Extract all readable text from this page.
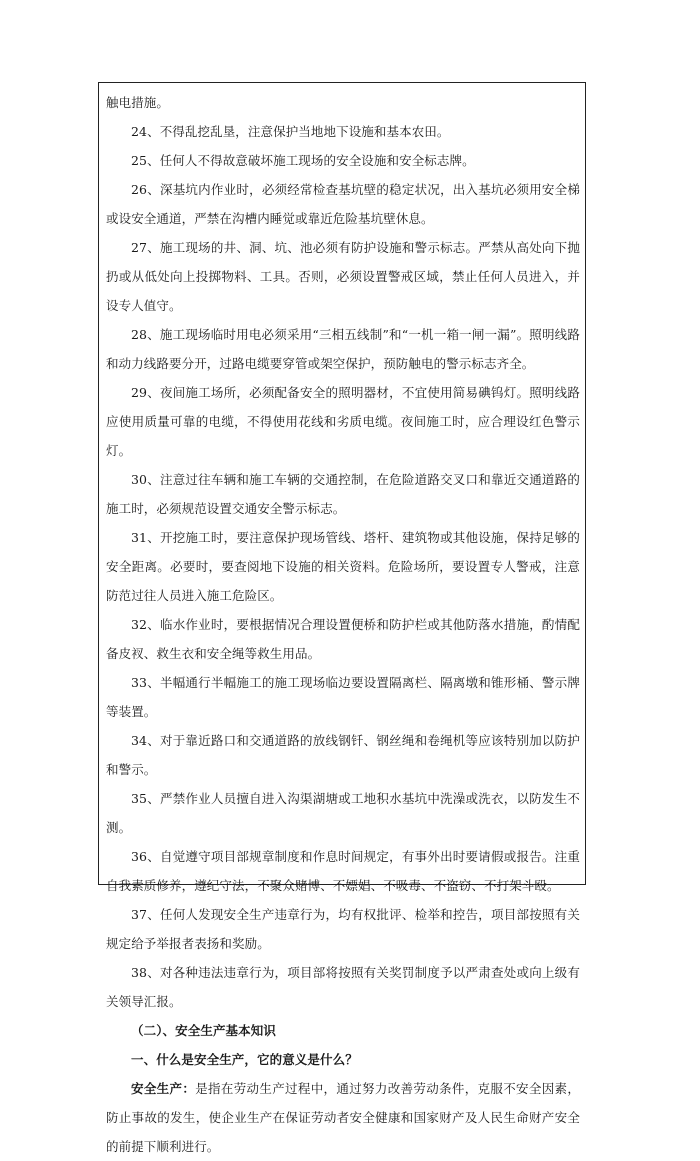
触电措施。

24、不得乱挖乱垦，注意保护当地地下设施和基本农田。

25、任何人不得故意破坏施工现场的安全设施和安全标志牌。

26、深基坑内作业时，必须经常检查基坑壁的稳定状况，出入基坑必须用安全梯或设安全通道，严禁在沟槽内睡觉或靠近危险基坑壁休息。

27、施工现场的井、洞、坑、池必须有防护设施和警示标志。严禁从高处向下抛扔或从低处向上投掷物料、工具。否则，必须设置警戒区域，禁止任何人员进入，并设专人值守。

28、施工现场临时用电必须采用“三相五线制”和“一机一箱一闸一漏”。照明线路和动力线路要分开，过路电缆要穿管或架空保护，预防触电的警示标志齐全。

29、夜间施工场所，必须配备安全的照明器材，不宜使用简易碘钨灯。照明线路应使用质量可靠的电缆，不得使用花线和劣质电缆。夜间施工时，应合理设红色警示灯。

30、注意过往车辆和施工车辆的交通控制，在危险道路交叉口和靠近交通道路的施工时，必须规范设置交通安全警示标志。

31、开挖施工时，要注意保护现场管线、塔杆、建筑物或其他设施，保持足够的安全距离。必要时，要查阅地下设施的相关资料。危险场所，要设置专人警戒，注意防范过往人员进入施工危险区。

32、临水作业时，要根据情况合理设置便桥和防护栏或其他防落水措施，酌情配备皮衩、救生衣和安全绳等救生用品。

33、半幅通行半幅施工的施工现场临边要设置隔离栏、隔离墩和锥形桶、警示牌等装置。

34、对于靠近路口和交通道路的放线钢钎、钢丝绳和卷绳机等应该特别加以防护和警示。

35、严禁作业人员擅自进入沟渠湖塘或工地积水基坑中洗澡或洗衣，以防发生不测。

36、自觉遵守项目部规章制度和作息时间规定，有事外出时要请假或报告。注重自我素质修养，遵纪守法，不聚众赌博、不嫖娼、不吸毒、不盗窃、不打架斗殴。

37、任何人发现安全生产违章行为，均有权批评、检举和控告，项目部按照有关规定给予举报者表扬和奖励。

38、对各种违法违章行为，项目部将按照有关奖罚制度予以严肃查处或向上级有关领导汇报。

（二）、安全生产基本知识

一、什么是安全生产，它的意义是什么？

安全生产：是指在劳动生产过程中，通过努力改善劳动条件，克服不安全因素，防止事故的发生，使企业生产在保证劳动者安全健康和国家财产及人民生命财产安全的前提下顺利进行。
